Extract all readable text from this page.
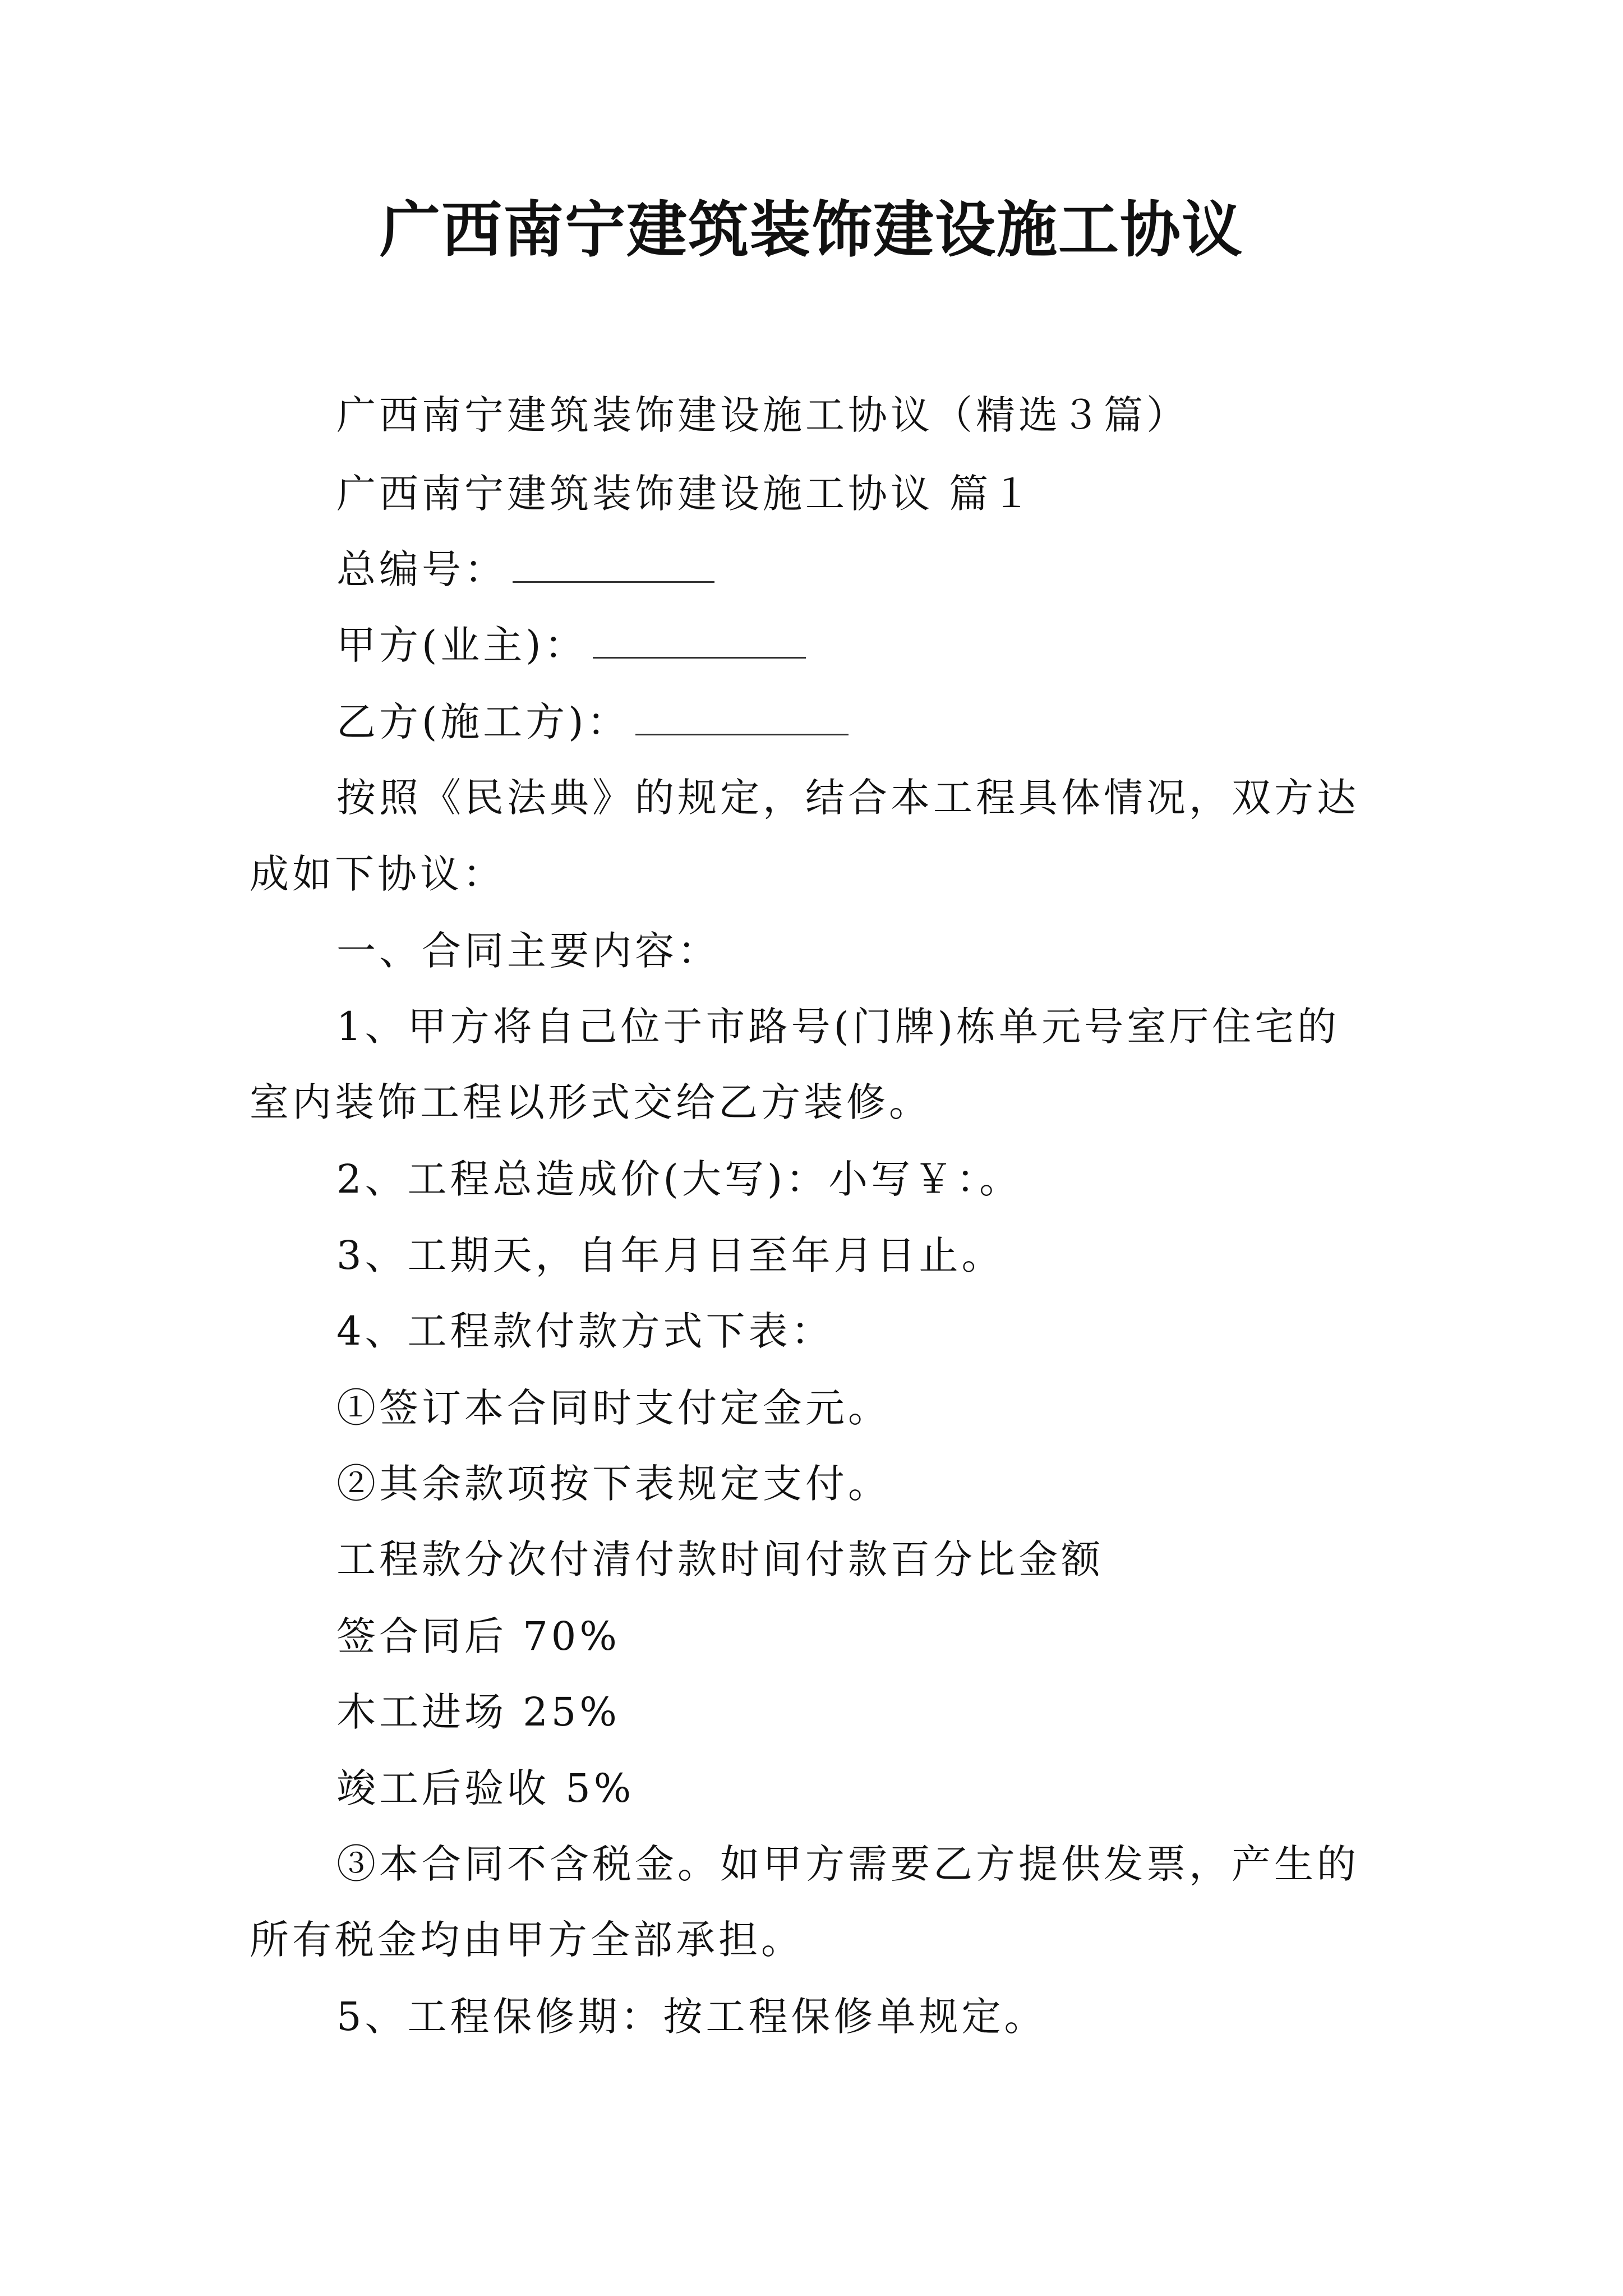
广西南宁建筑装饰建设施工协议
广西南宁建筑装饰建设施工协议（精选３篇）
广西南宁建筑装饰建设施工协议 篇１
总编号：
甲方(业主)：
乙方(施工方)：
按照《民法典》的规定，结合本工程具体情况，双方达
成如下协议：
一、合同主要内容：
1、甲方将自己位于市路号(门牌)栋单元号室厅住宅的
室内装饰工程以形式交给乙方装修。
2、工程总造成价(大写)：小写￥：。
3、工期天，自年月日至年月日止。
4、工程款付款方式下表：
①签订本合同时支付定金元。
②其余款项按下表规定支付。
工程款分次付清付款时间付款百分比金额
签合同后 70%
木工进场 25%
竣工后验收 5%
③本合同不含税金。如甲方需要乙方提供发票，产生的
所有税金均由甲方全部承担。
5、工程保修期：按工程保修单规定。
